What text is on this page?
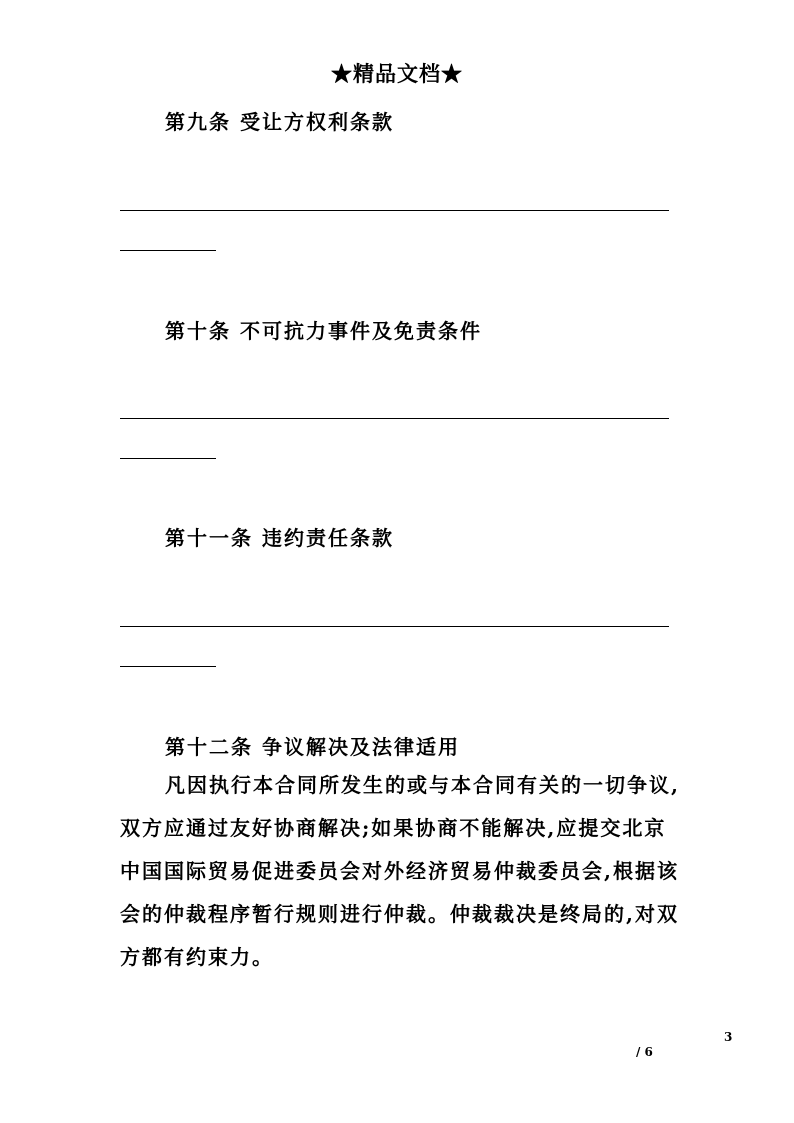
★精品文档★
第九条 受让方权利条款
第十条 不可抗力事件及免责条件
第十一条 违约责任条款
第十二条 争议解决及法律适用
凡因执行本合同所发生的或与本合同有关的一切争议,
双方应通过友好协商解决;如果协商不能解决,应提交北京
中国国际贸易促进委员会对外经济贸易仲裁委员会,根据该
会的仲裁程序暂行规则进行仲裁。仲裁裁决是终局的,对双
方都有约束力。
3
/ 6
